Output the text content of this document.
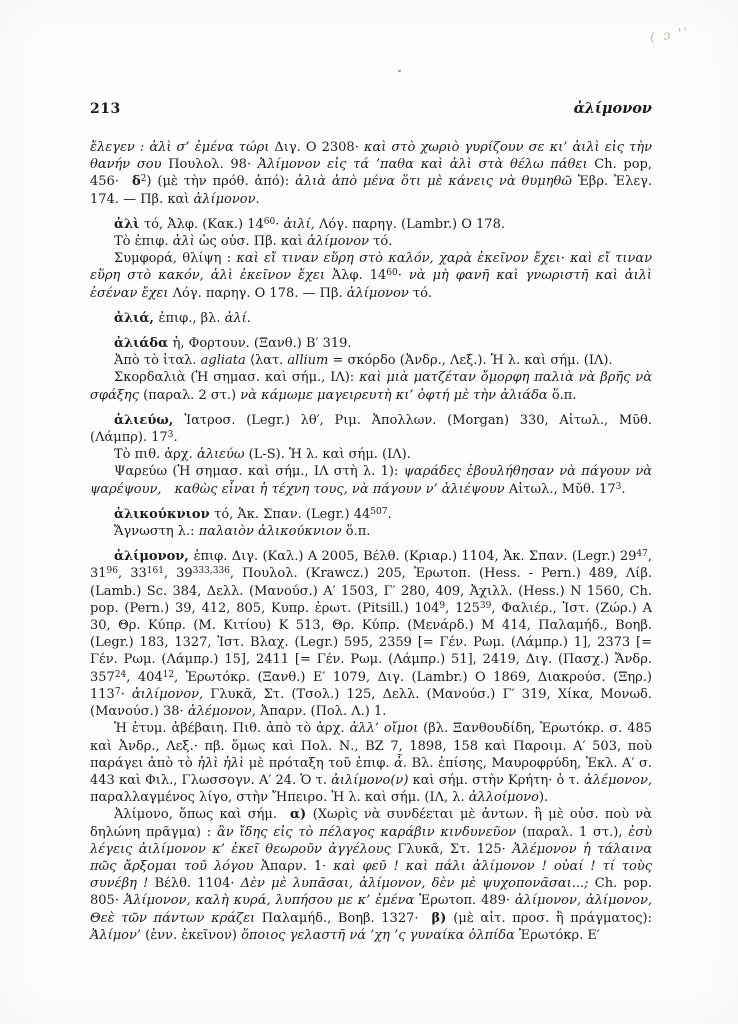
( ɔ ''
213	ἀλίμονον

ἔλεγεν : ἀλὶ σ’ ἐμένα τώρι Διγ. Ο 2308· καὶ στὸ χωριὸ γυρίζουν σε κι’ ἀιλὶ εἰς τὴν θανήν σου Πουλολ. 98· Ἀλίμονον εἰς τά ’παθα καὶ ἀλὶ στὰ θέλω πάθει Ch. pop, 456·  $\delta^2$) (μὲ τὴν πρόθ. ἀπό): ἀλιὰ ἀπὸ μένα ὅτι μὲ κάνεις νὰ θυμηθῶ Ἑβρ. Ἐλεγ. 174. — Πβ. καὶ ἀλίμονον.

ἀλὶ τό, Ἀλφ. (Κακ.) $14^{60}\cdot$ ἀιλί, Λόγ. παρηγ. (Lambr.) Ο 178.

Τὸ ἐπιφ. ἀλὶ ὡς οὐσ. Πβ. καὶ ἀλίμονον τό.

Συμφορά, θλίψη : καὶ εἴ τιναν εὕρη στὸ καλόν, χαρὰ ἐκεῖνον ἔχει· καὶ εἴ τιναν εὕρη στὸ κακόν, ἀλὶ ἐκεῖνον ἔχει Ἀλφ. $14^{60}\cdot$ νὰ μὴ φανῆ καὶ γνωριστῆ καὶ ἀιλὶ ἐσέναν ἔχει Λόγ. παρηγ. Ο 178. — Πβ. ἀλίμονον τό.

ἀλιά, ἐπιφ., βλ. ἀλί.

ἀλιάδα ἡ, Φορτουν. (Ξανθ.) Β′ 319.

Ἀπὸ τὸ ἰταλ. agliata ⟨λατ. allium = σκόρδο (Ἀνδρ., Λεξ.). Ἡ λ. καὶ σήμ. (ΙΛ).

Σκορδαλιὰ (Ἡ σημασ. καὶ σήμ., ΙΛ): καὶ μιὰ ματζέταν ὄμορφη παλιὰ νὰ βρῆς νὰ σφάξης (παραλ. 2 στ.) νὰ κάμωμε μαγειρευτὴ κι’ ὀφτή μὲ τὴν ἀλιάδα ὅ.π.

ἁλιεύω, Ἰατροσ. (Legr.) λθ′, Ριμ. Ἀπολλων. (Morgan) 330, Αἰτωλ., Μῦθ. (Λάμπρ). $17^3$.

Τὸ πιθ. ἀρχ. ἁλιεύω (L-S). Ἡ λ. καὶ σήμ. (ΙΛ).

Ψαρεύω (Ἡ σημασ. καὶ σήμ., ΙΛ στὴ λ. 1): ψαράδες ἐβουλήθησαν νὰ πάγουν νὰ ψαρέψουν,  καθὼς εἶναι ἡ τέχνη τους, νὰ πάγουν ν’ ἁλιέψουν Αἰτωλ., Μῦθ. $17^3$.

ἁλικούκνιον τό, Ἀκ. Σπαν. (Legr.) $44^{507}$.

Ἄγνωστη λ.: παλαιὸν ἀλικούκνιον ὅ.π.

ἀλίμονον, ἐπιφ. Διγ. (Καλ.) Α 2005, Βέλθ. (Κριαρ.) 1104, Ἀκ. Σπαν. (Legr.) $29^{47}$, $31^{96}$, $33^{161}$, 39$^{333,336}$, Πουλολ. (Krawcz.) 205, Ἐρωτοπ. (Hess. - Pern.) 489, Λίβ. (Lamb.) Sc. 384, Δελλ. (Μανούσ.) Α′ 1503, Γ′ 280, 409, Ἀχιλλ. (Hess.) N 1560, Ch. pop. (Pern.) 39, 412, 805, Κυπρ. ἐρωτ. (Pitsill.) $104^9$, $125^{39}$, Φαλιέρ., Ἱστ. (Ζώρ.) Α 30, Θρ. Κύπρ. (Μ. Κιτίου) Κ 513, Θρ. Κύπρ. (Μενάρδ.) Μ 414, Παλαμήδ., Βοηβ. (Legr.) 183, 1327, Ἱστ. Βλαχ. (Legr.) 595, 2359 [= Γέν. Ρωμ. (Λάμπρ.) 1], 2373 [= Γέν. Ρωμ. (Λάμπρ.) 15], 2411 [= Γέν. Ρωμ. (Λάμπρ.) 51], 2419, Διγ. (Πασχ.) Ἄνδρ. $357^{24}$, $404^{12}$, Ἐρωτόκρ. (Ξανθ.) Ε′ 1079, Διγ. (Lambr.) Ο 1869, Διακρούσ. (Ξηρ.) $113^7\cdot$ ἀιλίμονον, Γλυκᾶ, Στ. (Τσολ.) 125, Δελλ. (Μανούσ.) Γ′ 319, Χίκα, Μονωδ. (Μανούσ.) 38· ἀλέμονον, Ἀπαρν. (Πολ. Λ.) 1.

Ἡ ἐτυμ. ἀβέβαιη. Πιθ. ἀπὸ τὸ ἀρχ. ἀλλ’ οἴμοι (βλ. Ξανθουδίδη, Ἐρωτόκρ. σ. 485 καὶ Ἀνδρ., Λεξ.· πβ. ὅμως καὶ Πολ. Ν., ΒΖ 7, 1898, 158 καὶ Παροιμ. Α′ 503, ποὺ παράγει ἀπὸ τὸ ἠλὶ ἠλὶ μὲ πρόταξη τοῦ ἐπιφ. ἆ. Βλ. ἐπίσης, Μαυροφρύδη, Ἐκλ. Α′ σ. 443 καὶ Φιλ., Γλωσσογν. Α′ 24. Ὁ τ. ἀιλίμονο(ν) καὶ σήμ. στὴν Κρήτη· ὁ τ. ἀλέμονον, παραλλαγμένος λίγο, στὴν Ἤπειρο. Ἡ λ. καὶ σήμ. (ΙΛ, λ. ἀλλοίμονο).

Ἀλίμονο, ὅπως καὶ σήμ.  α) (Χωρὶς νὰ συνδέεται μὲ ἀντων. ἢ μὲ οὐσ. ποὺ νὰ δηλώνη πρᾶγμα) : ἂν ἴδης εἰς τὸ πέλαγος καράβιν κινδυνεῦον (παραλ. 1 στ.), ἐσὺ λέγεις ἀιλίμονον κ’ ἐκεῖ θεωροῦν ἀγγέλους Γλυκᾶ, Στ. 125· Ἀλέμονον ἡ τάλαινα πῶς ἄρξομαι τοῦ λόγου Ἀπαρν. 1· καὶ φεῦ ! καὶ πάλι ἀλίμονον ! οὐαί ! τί τοὺς συνέβη ! Βέλθ. 1104· Δὲν μὲ λυπᾶσαι, ἀλίμονον, δὲν μὲ ψυχοπονᾶσαι...; Ch. pop. 805· Ἀλίμονον, καλὴ κυρά, λυπήσου με κ’ ἐμένα Ἐρωτοπ. 489· ἀλίμονον, ἀλίμονον, Θεὲ τῶν πάντων κράζει Παλαμήδ., Βοηβ. 1327·  β) (μὲ αἰτ. προσ. ἢ πράγματος): Ἀλίμον’ (ἐνν. ἐκεῖνον) ὅποιος γελαστῆ νά ’χη ’ς γυναίκα ὀλπίδα Ἐρωτόκρ. Ε′
